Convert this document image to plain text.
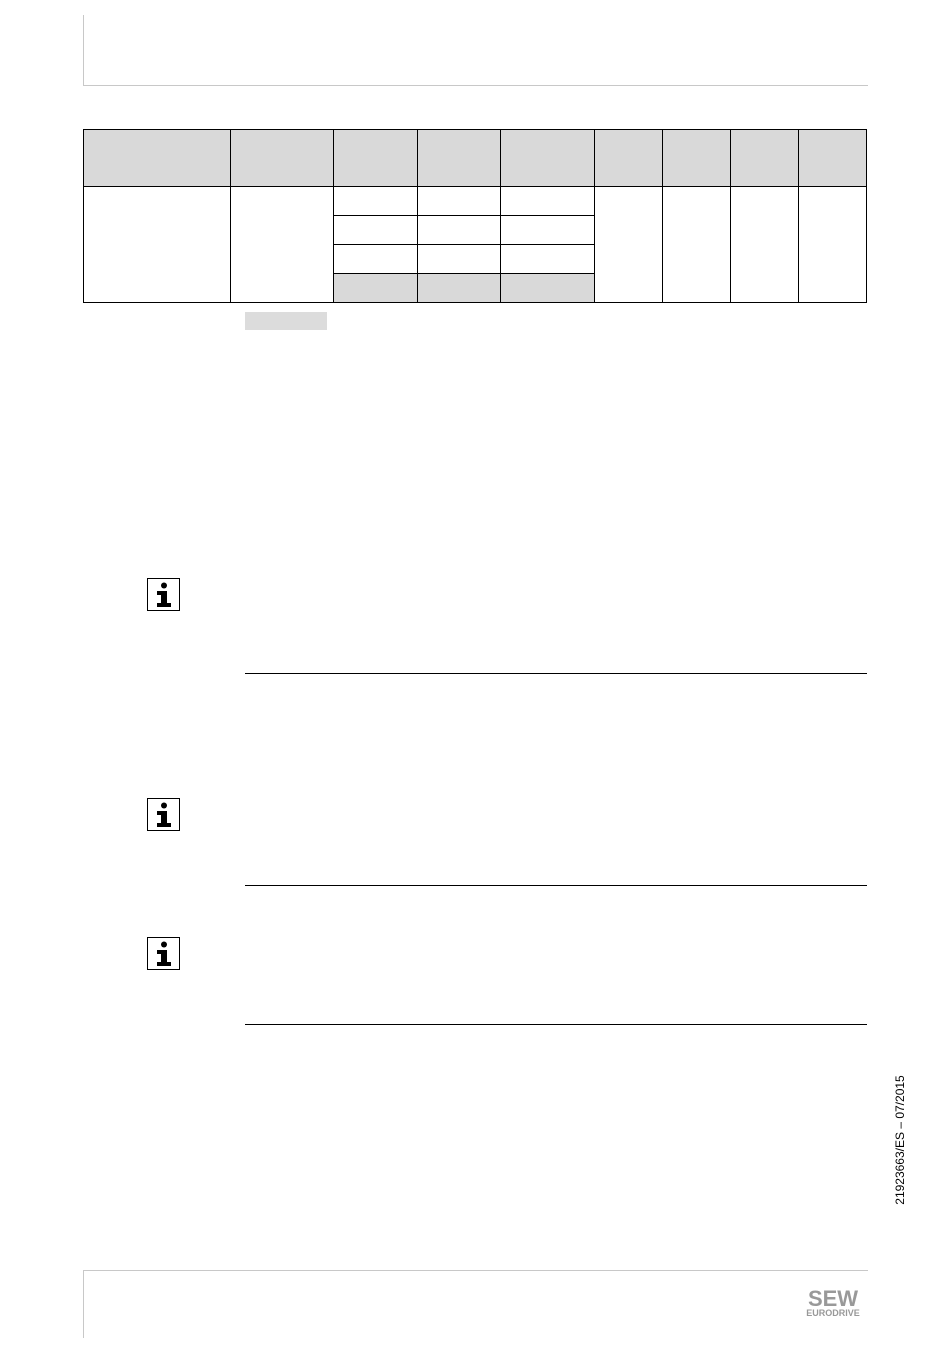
21923663/ES – 07/2015
SEW
EURODRIVE
